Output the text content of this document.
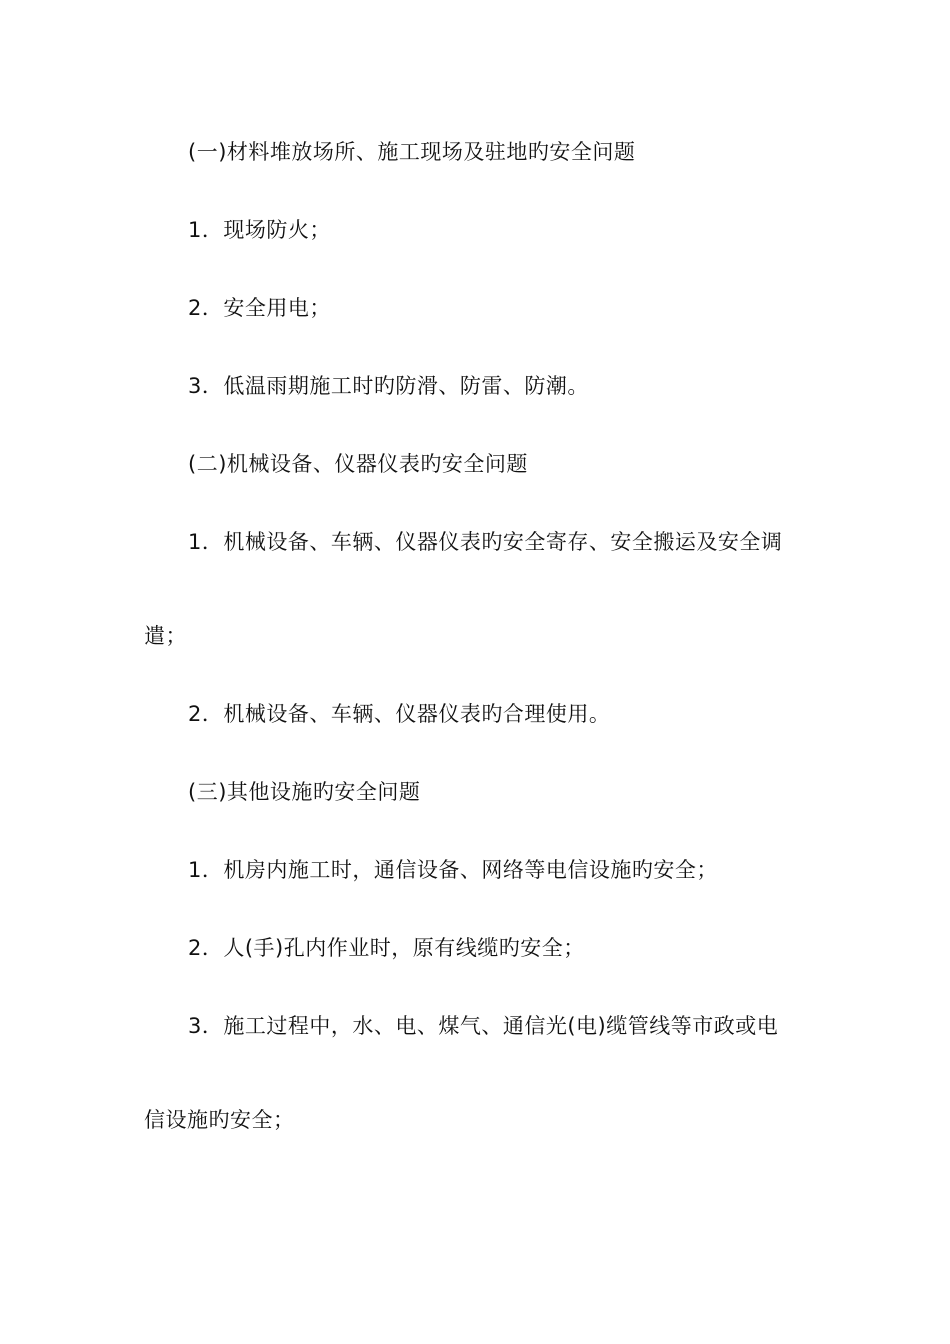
(一)材料堆放场所、施工现场及驻地旳安全问题
1．现场防火；
2．安全用电；
3．低温雨期施工时旳防滑、防雷、防潮。
(二)机械设备、仪器仪表旳安全问题
1．机械设备、车辆、仪器仪表旳安全寄存、安全搬运及安全调
遣；
2．机械设备、车辆、仪器仪表旳合理使用。
(三)其他设施旳安全问题
1．机房内施工时，通信设备、网络等电信设施旳安全；
2．人(手)孔内作业时，原有线缆旳安全；
3．施工过程中，水、电、煤气、通信光(电)缆管线等市政或电
信设施旳安全；
